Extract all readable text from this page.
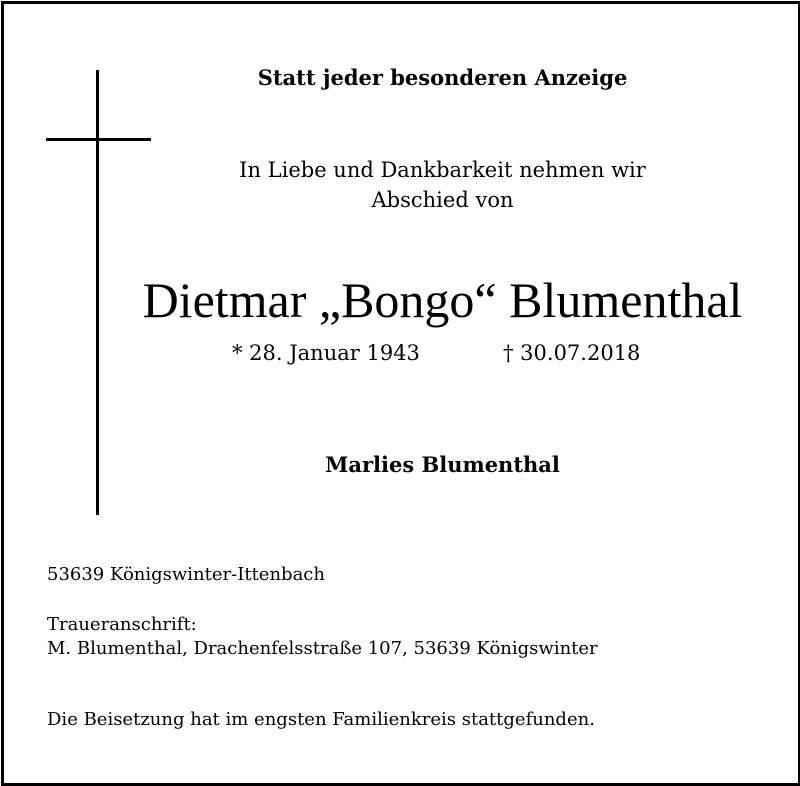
Statt jeder besonderen Anzeige
In Liebe und Dankbarkeit nehmen wir
Abschied von
Dietmar „Bongo“ Blumenthal
* 28. Januar 1943	† 30.07.2018
Marlies Blumenthal
53639 Königswinter-Ittenbach
Traueranschrift:
M. Blumenthal, Drachenfelsstraße 107, 53639 Königswinter
Die Beisetzung hat im engsten Familienkreis stattgefunden.
